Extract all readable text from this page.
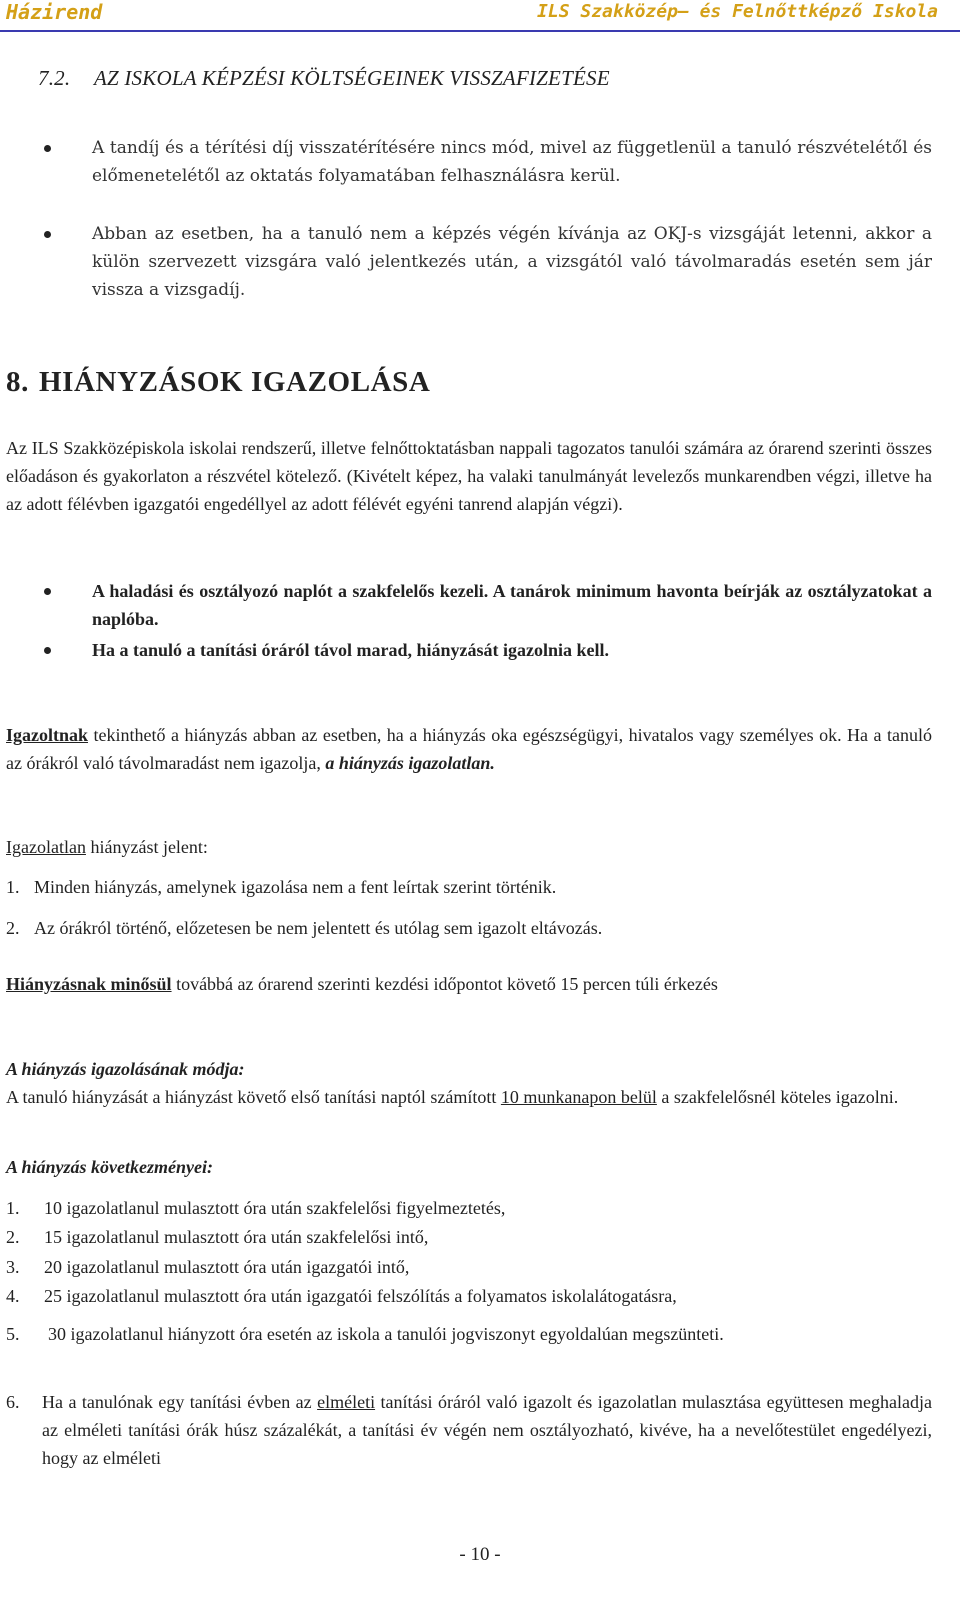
Házirend	ILS Szakközép– és Felnőttképző Iskola
7.2. AZ ISKOLA KÉPZÉSI KÖLTSÉGEINEK VISSZAFIZETÉSE
A tandíj és a térítési díj visszatérítésére nincs mód, mivel az függetlenül a tanuló részvételétől és előmenetelétől az oktatás folyamatában felhasználásra kerül.
Abban az esetben, ha a tanuló nem a képzés végén kívánja az OKJ-s vizsgáját letenni, akkor a külön szervezett vizsgára való jelentkezés után, a vizsgától való távolmaradás esetén sem jár vissza a vizsgadíj.
8. HIÁNYZÁSOK IGAZOLÁSA
Az ILS Szakközépiskola iskolai rendszerű, illetve felnőttoktatásban nappali tagozatos tanulói számára az órarend szerinti összes előadáson és gyakorlaton a részvétel kötelező. (Kivételt képez, ha valaki tanulmányát levelezős munkarendben végzi, illetve ha az adott félévben igazgatói engedéllyel az adott félévét egyéni tanrend alapján végzi).
A haladási és osztályozó naplót a szakfelelős kezeli. A tanárok minimum havonta beírják az osztályzatokat a naplóba.
Ha a tanuló a tanítási óráról távol marad, hiányzását igazolnia kell.
Igazoltnak tekinthető a hiányzás abban az esetben, ha a hiányzás oka egészségügyi, hivatalos vagy személyes ok. Ha a tanuló az órákról való távolmaradást nem igazolja, a hiányzás igazolatlan.
Igazolatlan hiányzást jelent:
1. Minden hiányzás, amelynek igazolása nem a fent leírtak szerint történik.
2. Az órákról történő, előzetesen be nem jelentett és utólag sem igazolt eltávozás.
Hiányzásnak minősül továbbá az órarend szerinti kezdési időpontot követő 15 percen túli érkezés
A hiányzás igazolásának módja:
A tanuló hiányzását a hiányzást követő első tanítási naptól számított 10 munkanapon belül a szakfelelősnél köteles igazolni.
A hiányzás következményei:
1. 10 igazolatlanul mulasztott óra után szakfelelősi figyelmeztetés,
2. 15 igazolatlanul mulasztott óra után szakfelelősi intő,
3. 20 igazolatlanul mulasztott óra után igazgatói intő,
4. 25 igazolatlanul mulasztott óra után igazgatói felszólítás a folyamatos iskolalátogatásra,
5. 30 igazolatlanul hiányzott óra esetén az iskola a tanulói jogviszonyt egyoldalúan megszünteti.
6. Ha a tanulónak egy tanítási évben az elméleti tanítási óráról való igazolt és igazolatlan mulasztása együttesen meghaladja az elméleti tanítási órák húsz százalékát, a tanítási év végén nem osztályozható, kivéve, ha a nevelőtestület engedélyezi, hogy az elméleti
- 10 -
